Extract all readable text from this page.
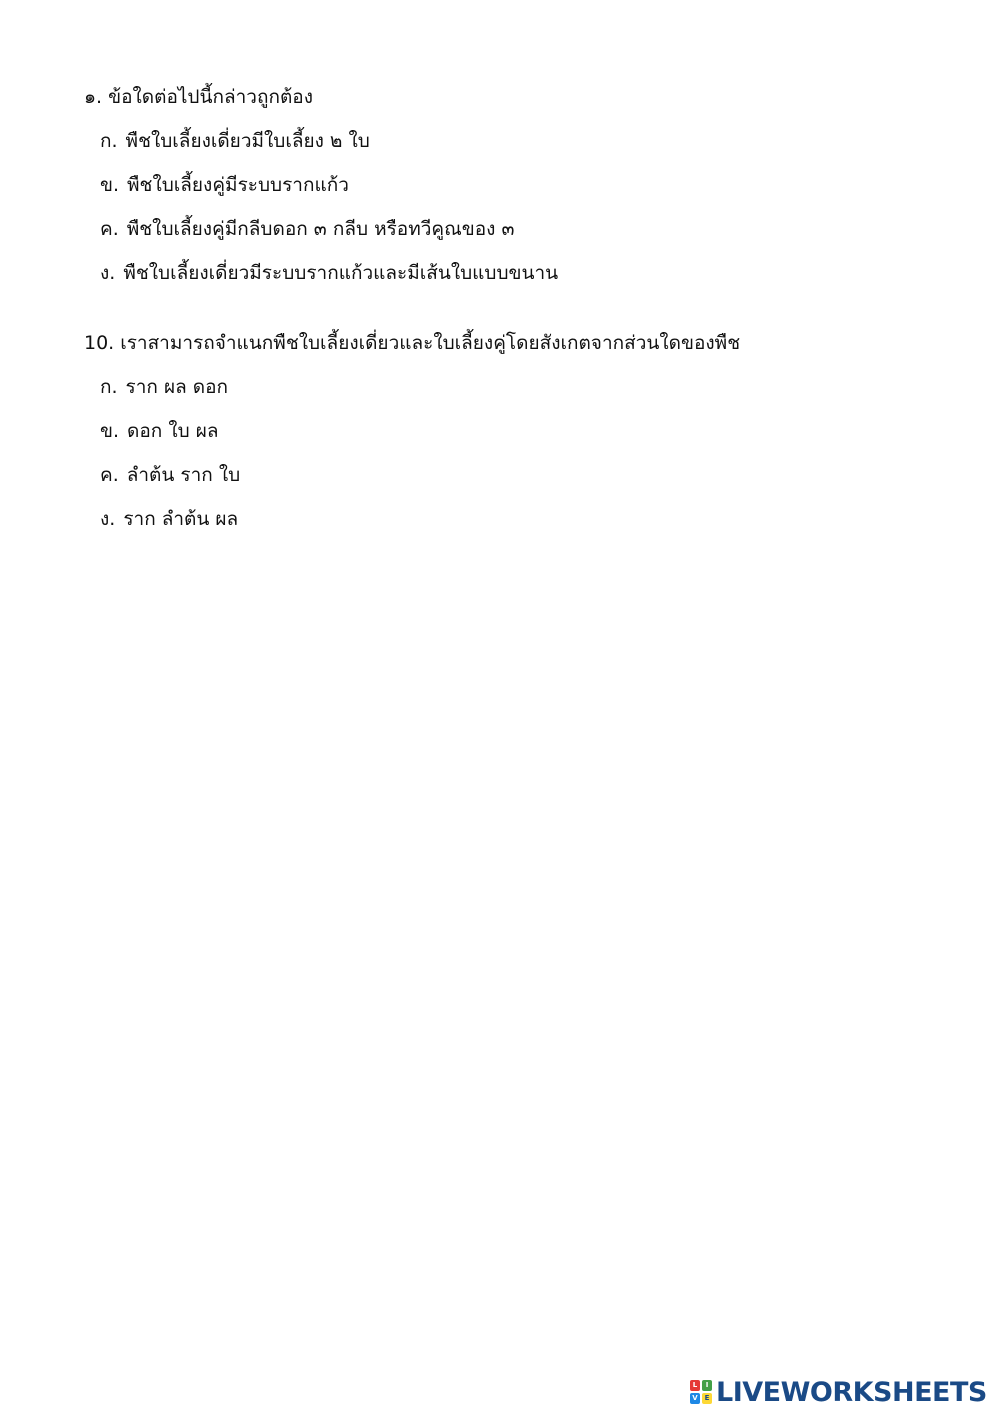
๑. ข้อใดต่อไปนี้กล่าวถูกต้อง
ก. พืชใบเลี้ยงเดี่ยวมีใบเลี้ยง ๒ ใบ
ข. พืชใบเลี้ยงคู่มีระบบรากแก้ว
ค. พืชใบเลี้ยงคู่มีกลีบดอก ๓ กลีบ หรือทวีคูณของ ๓
ง. พืชใบเลี้ยงเดี่ยวมีระบบรากแก้วและมีเส้นใบแบบขนาน
10. เราสามารถจำแนกพืชใบเลี้ยงเดี่ยวและใบเลี้ยงคู่โดยสังเกตจากส่วนใดของพืช
ก. ราก ผล ดอก
ข. ดอก ใบ ผล
ค. ลำต้น ราก ใบ
ง. ราก ลำต้น ผล
L	I
V E LIVEWORKSHEETS
